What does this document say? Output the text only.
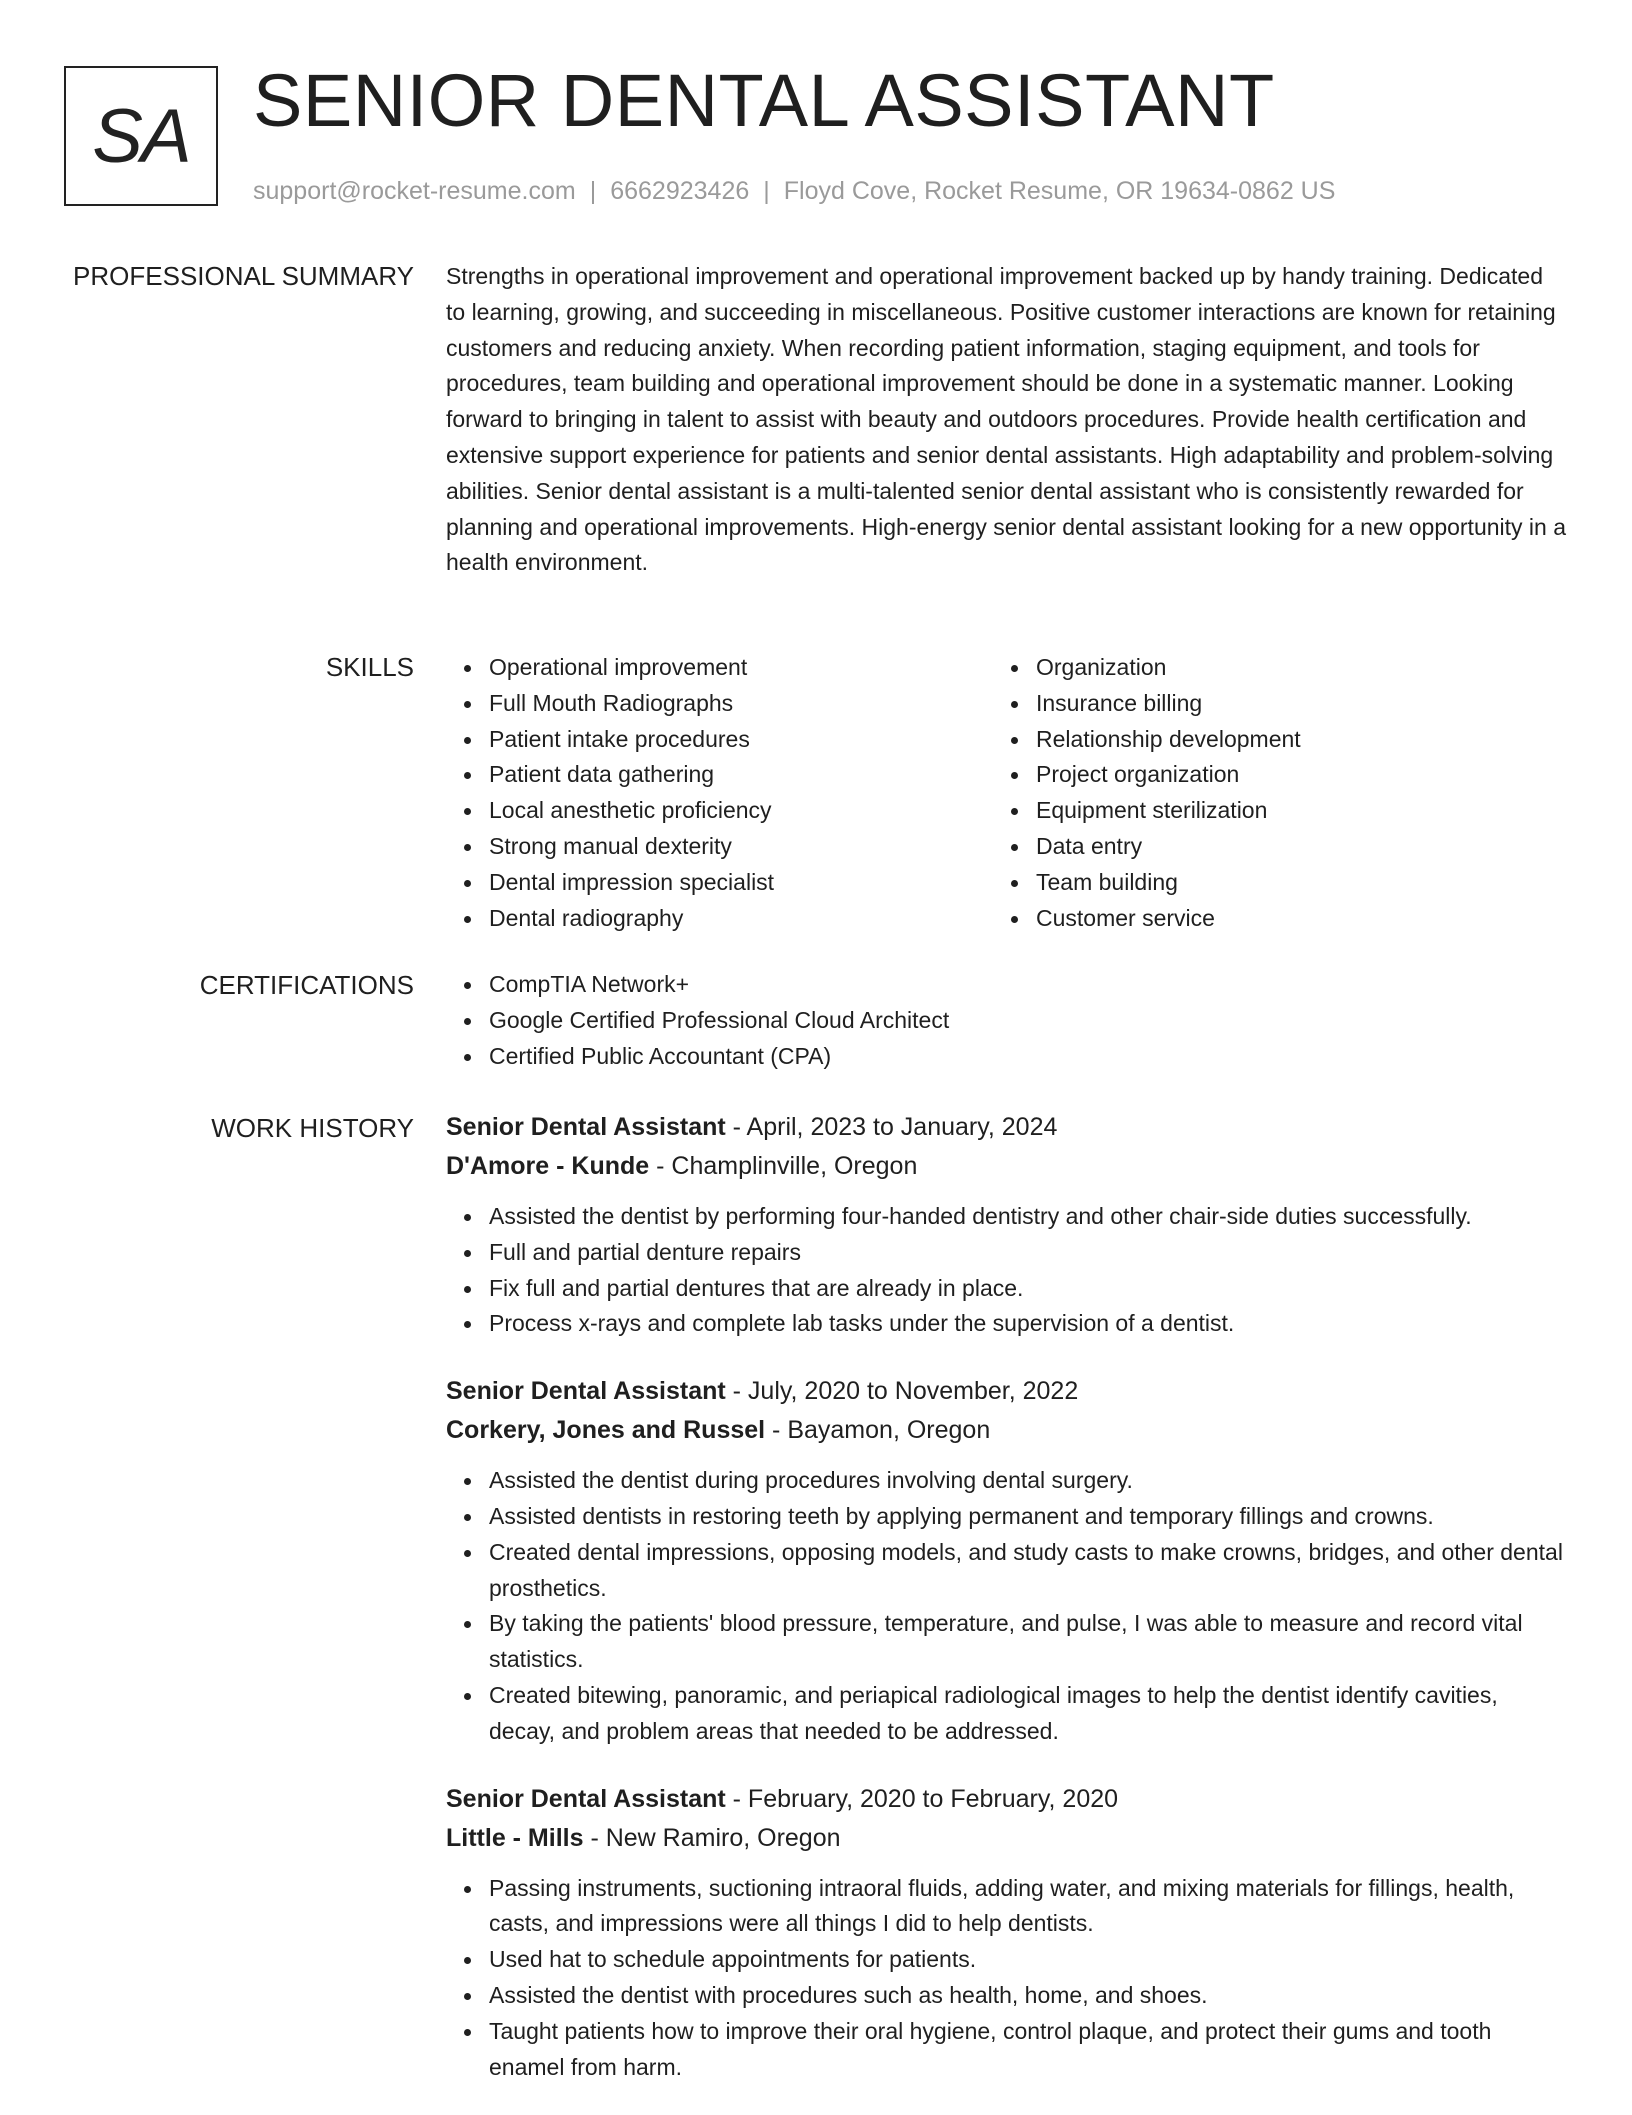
SA SENIOR DENTAL ASSISTANT
support@rocket-resume.com | 6662923426 | Floyd Cove, Rocket Resume, OR 19634-0862 US
PROFESSIONAL SUMMARY Strengths in operational improvement and operational improvement backed up by handy training. Dedicated to learning, growing, and succeeding in miscellaneous. Positive customer interactions are known for retaining customers and reducing anxiety. When recording patient information, staging equipment, and tools for procedures, team building and operational improvement should be done in a systematic manner. Looking forward to bringing in talent to assist with beauty and outdoors procedures. Provide health certification and extensive support experience for patients and senior dental assistants. High adaptability and problem-solving abilities. Senior dental assistant is a multi-talented senior dental assistant who is consistently rewarded for planning and operational improvements. High-energy senior dental assistant looking for a new opportunity in a health environment.

SKILLS	Operational improvement
Full Mouth Radiographs
Patient intake procedures
Patient data gathering
Local anesthetic proficiency
Strong manual dexterity
Dental impression specialist
Dental radiography
Organization
Insurance billing
Relationship development
Project organization
Equipment sterilization
Data entry
Team building
Customer service
CERTIFICATIONS	CompTIA Network+
Google Certified Professional Cloud Architect
Certified Public Accountant (CPA)
WORK HISTORY Senior Dental Assistant - April, 2023 to January, 2024
D'Amore - Kunde - Champlinville, Oregon
Assisted the dentist by performing four-handed dentistry and other chair-side duties successfully.
Full and partial denture repairs
Fix full and partial dentures that are already in place.
Process x-rays and complete lab tasks under the supervision of a dentist.
Senior Dental Assistant - July, 2020 to November, 2022
Corkery, Jones and Russel - Bayamon, Oregon
Assisted the dentist during procedures involving dental surgery.
Assisted dentists in restoring teeth by applying permanent and temporary fillings and crowns.
Created dental impressions, opposing models, and study casts to make crowns, bridges, and other dental prosthetics.
By taking the patients' blood pressure, temperature, and pulse, I was able to measure and record vital statistics.
Created bitewing, panoramic, and periapical radiological images to help the dentist identify cavities, decay, and problem areas that needed to be addressed.
Senior Dental Assistant - February, 2020 to February, 2020
Little - Mills - New Ramiro, Oregon
Passing instruments, suctioning intraoral fluids, adding water, and mixing materials for fillings, health, casts, and impressions were all things I did to help dentists.
Used hat to schedule appointments for patients.
Assisted the dentist with procedures such as health, home, and shoes.
Taught patients how to improve their oral hygiene, control plaque, and protect their gums and tooth enamel from harm.
